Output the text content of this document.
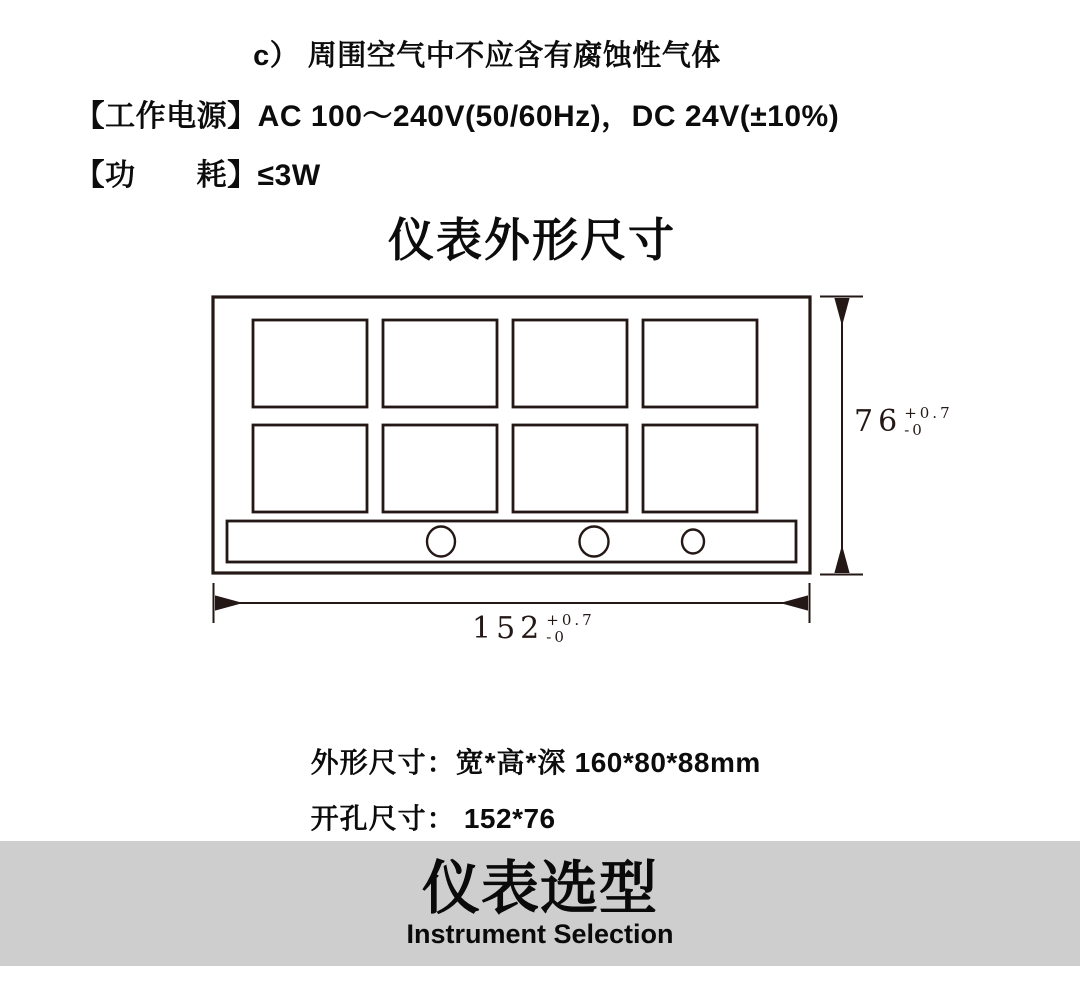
c） 周围空气中不应含有腐蚀性气体

【工作电源】AC 100～240V(50/60Hz)，DC 24V(±10%)

【功　　耗】≤3W

仪表外形尺寸
76 +0.7
-0
152 +0.7
-0

外形尺寸：宽*高*深 160*80*88mm

开孔尺寸： 152*76

仪表选型
Instrument Selection
